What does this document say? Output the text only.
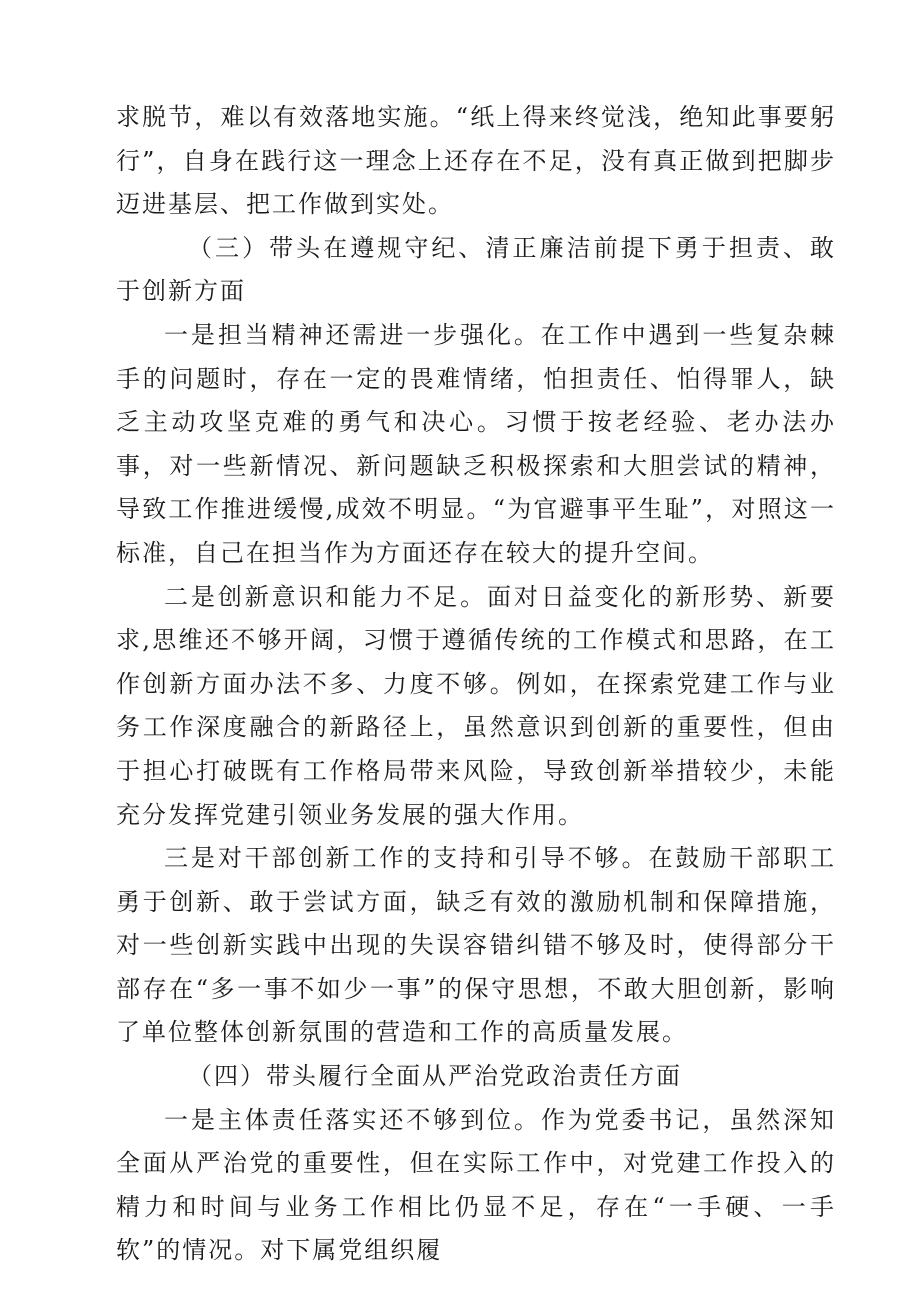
求脱节，难以有效落地实施。“纸上得来终觉浅，绝知此事要躬行”，自身在践行这一理念上还存在不足，没有真正做到把脚步迈进基层、把工作做到实处。

（三）带头在遵规守纪、清正廉洁前提下勇于担责、敢于创新方面

一是担当精神还需进一步强化。在工作中遇到一些复杂棘手的问题时，存在一定的畏难情绪，怕担责任、怕得罪人，缺乏主动攻坚克难的勇气和决心。习惯于按老经验、老办法办事，对一些新情况、新问题缺乏积极探索和大胆尝试的精神，导致工作推进缓慢,成效不明显。“为官避事平生耻”，对照这一标准，自己在担当作为方面还存在较大的提升空间。

二是创新意识和能力不足。面对日益变化的新形势、新要求,思维还不够开阔，习惯于遵循传统的工作模式和思路，在工作创新方面办法不多、力度不够。例如，在探索党建工作与业务工作深度融合的新路径上，虽然意识到创新的重要性，但由于担心打破既有工作格局带来风险，导致创新举措较少，未能充分发挥党建引领业务发展的强大作用。

三是对干部创新工作的支持和引导不够。在鼓励干部职工勇于创新、敢于尝试方面，缺乏有效的激励机制和保障措施，对一些创新实践中出现的失误容错纠错不够及时，使得部分干部存在“多一事不如少一事”的保守思想，不敢大胆创新，影响了单位整体创新氛围的营造和工作的高质量发展。

（四）带头履行全面从严治党政治责任方面

一是主体责任落实还不够到位。作为党委书记，虽然深知全面从严治党的重要性，但在实际工作中，对党建工作投入的精力和时间与业务工作相比仍显不足，存在“一手硬、一手软”的情况。对下属党组织履
